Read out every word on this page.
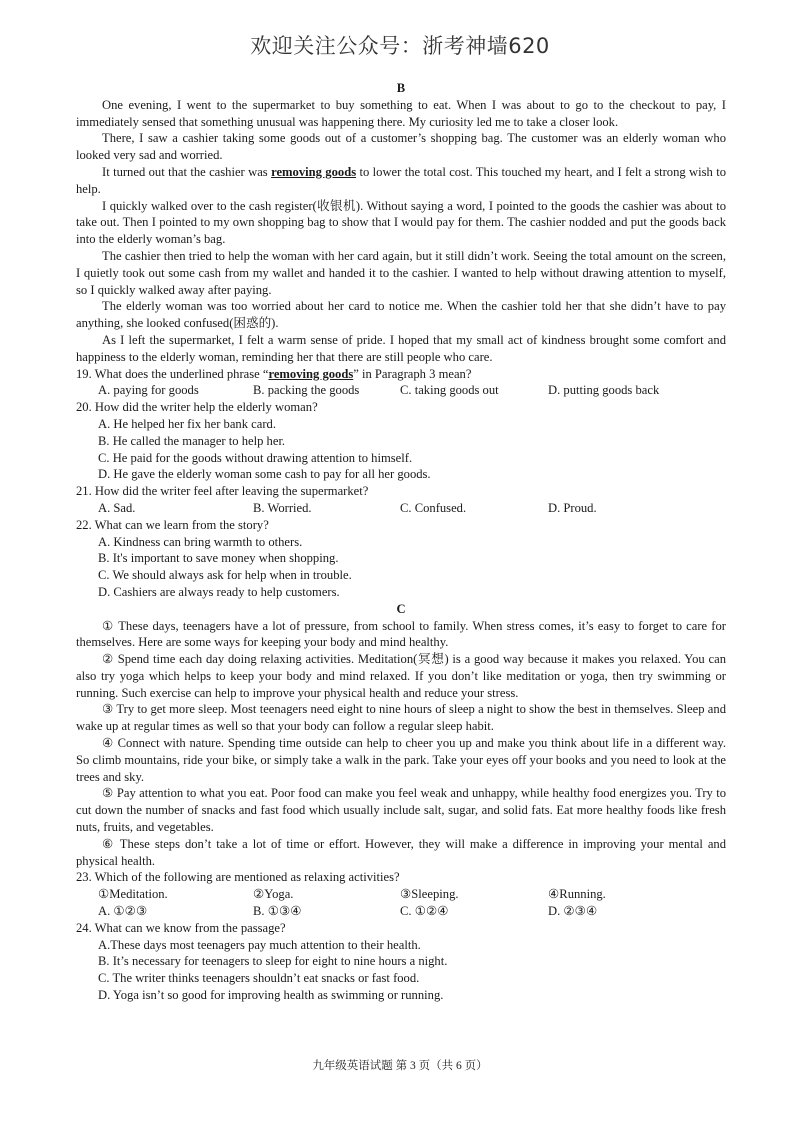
欢迎关注公众号：浙考神墙620

B

One evening, I went to the supermarket to buy something to eat. When I was about to go to the checkout to pay, I immediately sensed that something unusual was happening there. My curiosity led me to take a closer look.

There, I saw a cashier taking some goods out of a customer’s shopping bag. The customer was an elderly woman who looked very sad and worried.

It turned out that the cashier was removing goods to lower the total cost. This touched my heart, and I felt a strong wish to help.

I quickly walked over to the cash register(收银机). Without saying a word, I pointed to the goods the cashier was about to take out. Then I pointed to my own shopping bag to show that I would pay for them. The cashier nodded and put the goods back into the elderly woman’s bag.

The cashier then tried to help the woman with her card again, but it still didn’t work. Seeing the total amount on the screen, I quietly took out some cash from my wallet and handed it to the cashier. I wanted to help without drawing attention to myself, so I quickly walked away after paying.

The elderly woman was too worried about her card to notice me. When the cashier told her that she didn’t have to pay anything, she looked confused(困惑的).

As I left the supermarket, I felt a warm sense of pride. I hoped that my small act of kindness brought some comfort and happiness to the elderly woman, reminding her that there are still people who care.

19. What does the underlined phrase “removing goods” in Paragraph 3 mean?

A. paying for goods	B. packing the goods	C. taking goods out	D. putting goods back

20. How did the writer help the elderly woman?

A. He helped her fix her bank card.

B. He called the manager to help her.

C. He paid for the goods without drawing attention to himself.

D. He gave the elderly woman some cash to pay for all her goods.

21. How did the writer feel after leaving the supermarket?

A. Sad.	B. Worried.	C. Confused.	D. Proud.

22. What can we learn from the story?

A. Kindness can bring warmth to others.

B. It's important to save money when shopping.

C. We should always ask for help when in trouble.

D. Cashiers are always ready to help customers.

C

① These days, teenagers have a lot of pressure, from school to family. When stress comes, it’s easy to forget to care for themselves. Here are some ways for keeping your body and mind healthy.

② Spend time each day doing relaxing activities. Meditation(冥想) is a good way because it makes you relaxed. You can also try yoga which helps to keep your body and mind relaxed. If you don’t like meditation or yoga, then try swimming or running. Such exercise can help to improve your physical health and reduce your stress.

③ Try to get more sleep. Most teenagers need eight to nine hours of sleep a night to show the best in themselves. Sleep and wake up at regular times as well so that your body can follow a regular sleep habit.

④ Connect with nature. Spending time outside can help to cheer you up and make you think about life in a different way. So climb mountains, ride your bike, or simply take a walk in the park. Take your eyes off your books and you need to look at the trees and sky.

⑤ Pay attention to what you eat. Poor food can make you feel weak and unhappy, while healthy food energizes you. Try to cut down the number of snacks and fast food which usually include salt, sugar, and solid fats. Eat more healthy foods like fresh nuts, fruits, and vegetables.

⑥ These steps don’t take a lot of time or effort. However, they will make a difference in improving your mental and physical health.

23. Which of the following are mentioned as relaxing activities?

①Meditation.	②Yoga.	③Sleeping.	④Running.
A. ①②③	B. ①③④	C. ①②④	D. ②③④

24. What can we know from the passage?

A.These days most teenagers pay much attention to their health.

B. It’s necessary for teenagers to sleep for eight to nine hours a night.

C. The writer thinks teenagers shouldn’t eat snacks or fast food.

D. Yoga isn’t so good for improving health as swimming or running.

九年级英语试题 第 3 页（共 6 页）
